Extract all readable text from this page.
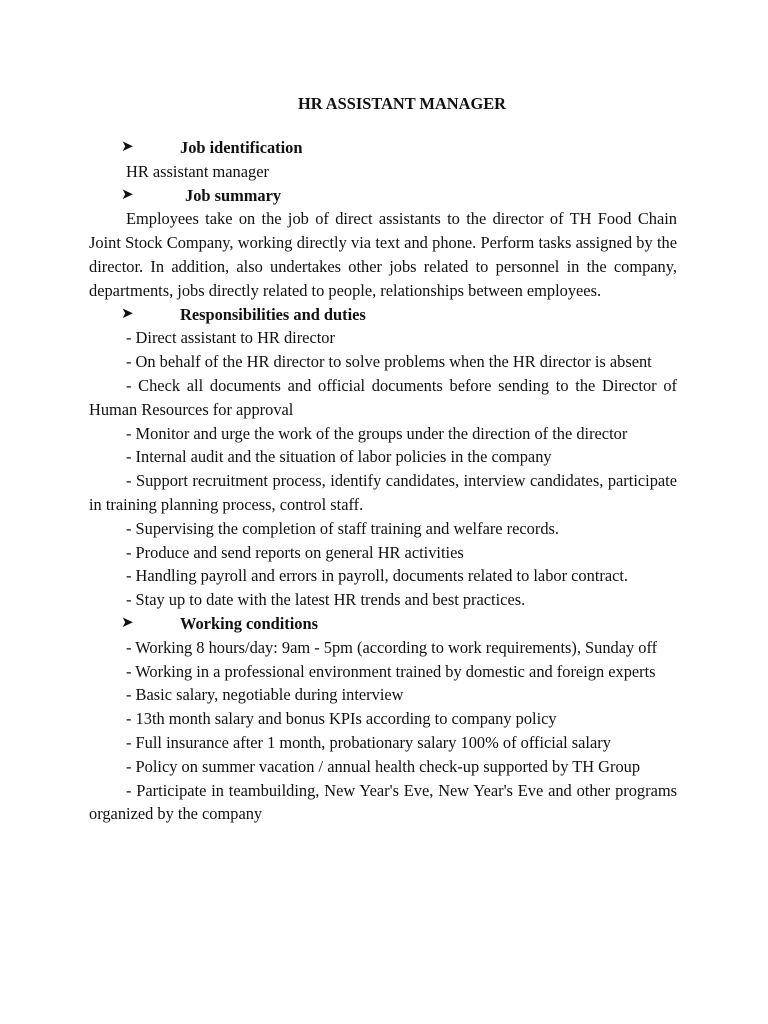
HR ASSISTANT MANAGER
➤	Job identification
HR assistant manager
➤	Job summary
Employees take on the job of direct assistants to the director of TH Food Chain Joint Stock Company, working directly via text and phone. Perform tasks assigned by the director. In addition, also undertakes other jobs related to personnel in the company, departments, jobs directly related to people, relationships between employees.
➤	Responsibilities and duties
- Direct assistant to HR director
- On behalf of the HR director to solve problems when the HR director is absent
- Check all documents and official documents before sending to the Director of Human Resources for approval
- Monitor and urge the work of the groups under the direction of the director
- Internal audit and the situation of labor policies in the company
- Support recruitment process, identify candidates, interview candidates, participate in training planning process, control staff.
- Supervising the completion of staff training and welfare records.
- Produce and send reports on general HR activities
- Handling payroll and errors in payroll, documents related to labor contract.
- Stay up to date with the latest HR trends and best practices.
➤	Working conditions
- Working 8 hours/day: 9am - 5pm (according to work requirements), Sunday off
- Working in a professional environment trained by domestic and foreign experts
- Basic salary, negotiable during interview
- 13th month salary and bonus KPIs according to company policy
- Full insurance after 1 month, probationary salary 100% of official salary
- Policy on summer vacation / annual health check-up supported by TH Group
- Participate in teambuilding, New Year's Eve, New Year's Eve and other programs organized by the company
